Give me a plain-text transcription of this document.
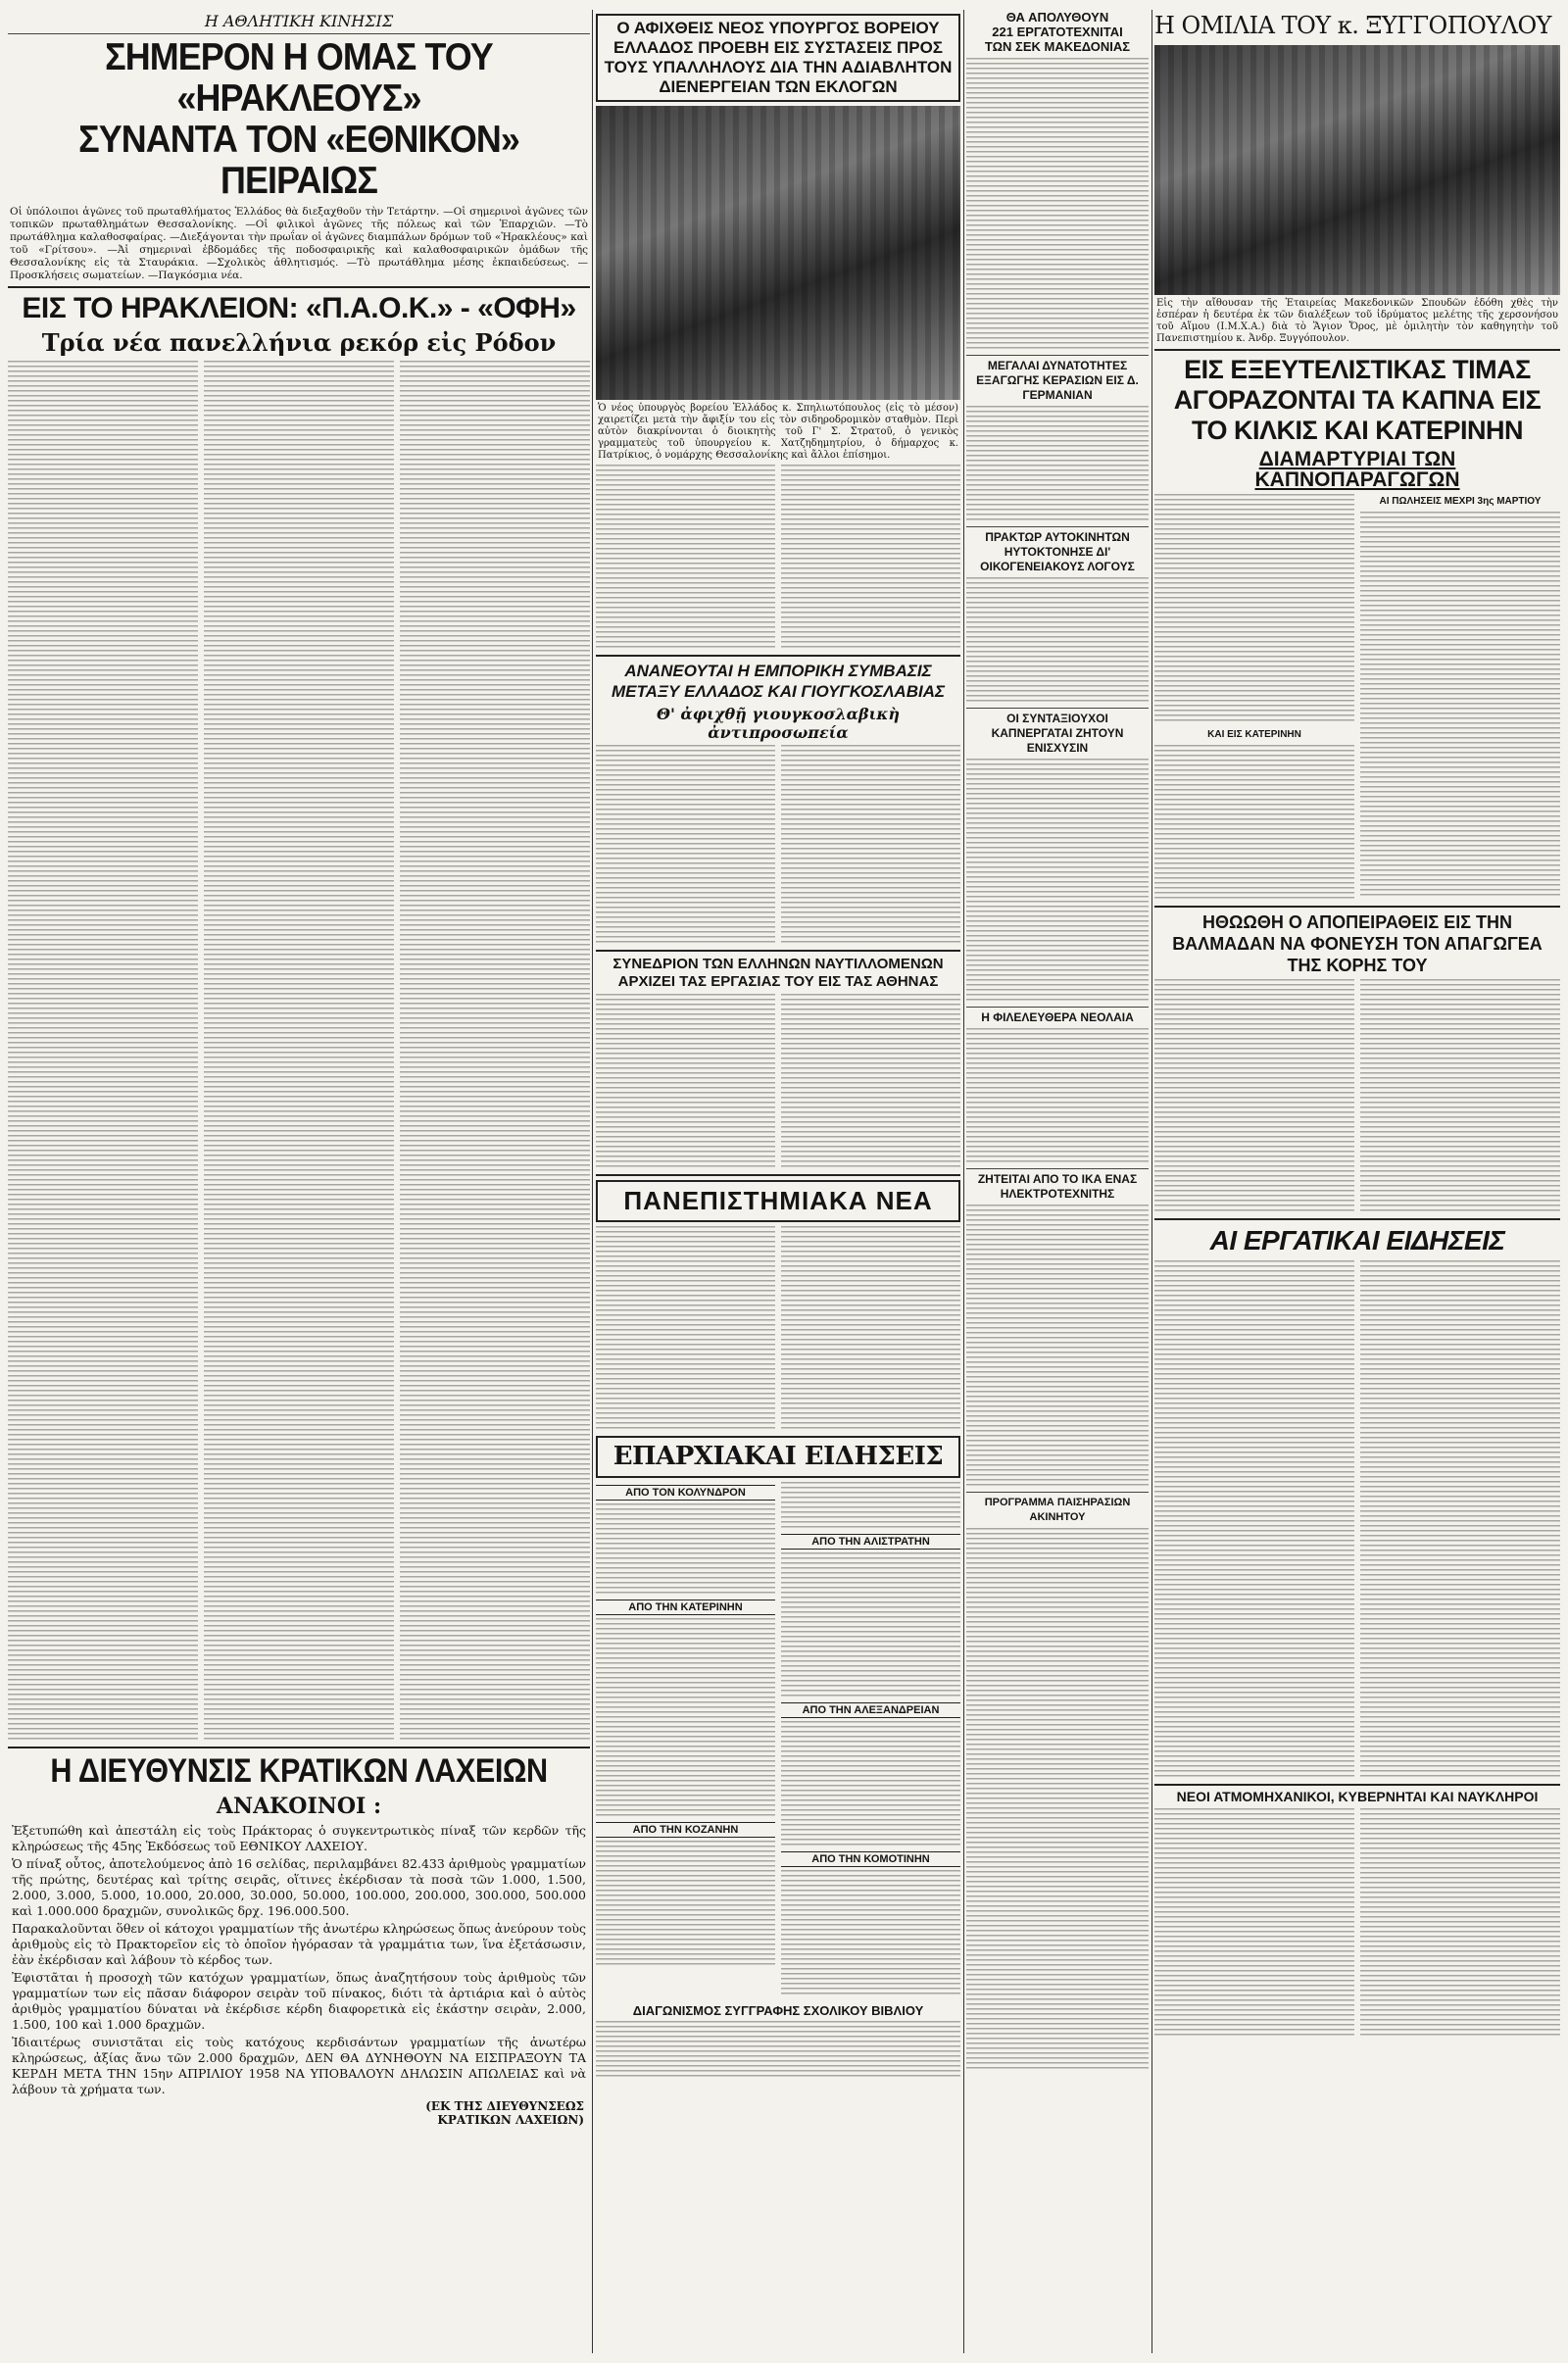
Η ΑΘΛΗΤΙΚΗ ΚΙΝΗΣΙΣ
ΣΗΜΕΡΟΝ Η ΟΜΑΣ ΤΟΥ «ΗΡΑΚΛΕΟΥΣ»
ΣΥΝΑΝΤΑ ΤΟΝ «ΕΘΝΙΚΟΝ» ΠΕΙΡΑΙΩΣ
Οἱ ὑπόλοιποι ἀγῶνες τοῦ πρωταθλήματος Ἑλλάδος θὰ διεξαχθοῦν τὴν Τετάρτην. —Οἱ σημερινοὶ ἀγῶνες τῶν τοπικῶν πρωταθλημάτων Θεσσαλονίκης. —Οἱ φιλικοὶ ἀγῶνες τῆς πόλεως καὶ τῶν Ἐπαρχιῶν. —Τὸ πρωτάθλημα καλαθοσφαίρας. —Διεξάγονται τὴν πρωΐαν οἱ ἀγῶνες διαμπάλων δρόμων τοῦ «Ἡρακλέους» καὶ τοῦ «Γρίτσου». —Ἀἱ σημεριναὶ ἐβδομάδες τῆς ποδοσφαιρικῆς καὶ καλαθοσφαιρικῶν ὁμάδων τῆς Θεσσαλονίκης εἰς τὰ Σταυράκια. —Σχολικὸς ἀθλητισμός. —Τὸ πρωτάθλημα μέσης ἐκπαιδεύσεως. —Προσκλήσεις σωματείων. —Παγκόσμια νέα.
ΕΙΣ ΤΟ ΗΡΑΚΛΕΙΟΝ: «Π.Α.Ο.Κ.» - «ΟΦΗ»
Τρία νέα πανελλήνια ρεκόρ εἰς Ρόδον
Η ΔΙΕΥΘΥΝΣΙΣ ΚΡΑΤΙΚΩΝ ΛΑΧΕΙΩΝ
ΑΝΑΚΟΙΝΟΙ :

Ἐξετυπώθη καὶ ἀπεστάλη εἰς τοὺς Πράκτορας ὁ συγκεντρωτικὸς πίναξ τῶν κερδῶν τῆς κληρώσεως τῆς 45ης Ἐκδόσεως τοῦ ΕΘΝΙΚΟΥ ΛΑΧΕΙΟΥ.

Ὁ πίναξ οὗτος, ἀποτελούμενος ἀπὸ 16 σελίδας, περιλαμβάνει 82.433 ἀριθμοὺς γραμματίων τῆς πρώτης, δευτέρας καὶ τρίτης σειρᾶς, οἵτινες ἐκέρδισαν τὰ ποσὰ τῶν 1.000, 1.500, 2.000, 3.000, 5.000, 10.000, 20.000, 30.000, 50.000, 100.000, 200.000, 300.000, 500.000 καὶ 1.000.000 δραχμῶν, συνολικῶς δρχ. 196.000.500.

Παρακαλοῦνται ὅθεν οἱ κάτοχοι γραμματίων τῆς ἀνωτέρω κληρώσεως ὅπως ἀνεύρουν τοὺς ἀριθμοὺς εἰς τὸ Πρακτορεῖον εἰς τὸ ὁποῖον ἠγόρασαν τὰ γραμμάτια των, ἵνα ἐξετάσωσιν, ἐὰν ἐκέρδισαν καὶ λάβουν τὸ κέρδος των.

Ἐφιστᾶται ἡ προσοχὴ τῶν κατόχων γραμματίων, ὅπως ἀναζητήσουν τοὺς ἀριθμοὺς τῶν γραμματίων των εἰς πᾶσαν διάφορον σειρὰν τοῦ πίνακος, διότι τὰ ἀρτιάρια καὶ ὁ αὐτὸς ἀριθμὸς γραμματίου δύναται νὰ ἐκέρδισε κέρδη διαφορετικὰ εἰς ἑκάστην σειρὰν, 2.000, 1.500, 100 καὶ 1.000 δραχμῶν.

Ἰδιαιτέρως συνιστᾶται εἰς τοὺς κατόχους κερδισάντων γραμματίων τῆς ἀνωτέρω κληρώσεως, ἀξίας ἄνω τῶν 2.000 δραχμῶν, ΔΕΝ ΘΑ ΔΥΝΗΘΟΥΝ ΝΑ ΕΙΣΠΡΑΞΟΥΝ ΤΑ ΚΕΡΔΗ ΜΕΤΑ ΤΗΝ 15ην ΑΠΡΙΛΙΟΥ 1958 ΝΑ ΥΠΟΒΑΛΟΥΝ ΔΗΛΩΣΙΝ ΑΠΩΛΕΙΑΣ καὶ νὰ λάβουν τὰ χρήματα των.

(ΕΚ ΤΗΣ ΔΙΕΥΘΥΝΣΕΩΣ
ΚΡΑΤΙΚΩΝ ΛΑΧΕΙΩΝ)
Ο ΑΦΙΧΘΕΙΣ ΝΕΟΣ ΥΠΟΥΡΓΟΣ ΒΟΡΕΙΟΥ ΕΛΛΑΔΟΣ ΠΡΟΕΒΗ ΕΙΣ ΣΥΣΤΑΣΕΙΣ ΠΡΟΣ ΤΟΥΣ ΥΠΑΛΛΗΛΟΥΣ ΔΙΑ ΤΗΝ ΑΔΙΑΒΛΗΤΟΝ ΔΙΕΝΕΡΓΕΙΑΝ ΤΩΝ ΕΚΛΟΓΩΝ
Ὁ νέος ὑπουργὸς βορείου Ἑλλάδος κ. Σπηλιωτόπουλος (εἰς τὸ μέσον) χαιρετίζει μετὰ τὴν ἄφιξίν του εἰς τὸν σιδηροδρομικὸν σταθμὸν. Περὶ αὐτὸν διακρίνονται ὁ διοικητὴς τοῦ Γ' Σ. Στρατοῦ, ὁ γενικὸς γραμματεὺς τοῦ ὑπουργείου κ. Χατζηδημητρίου, ὁ δήμαρχος κ. Πατρίκιος, ὁ νομάρχης Θεσσαλονίκης καὶ ἄλλοι ἐπίσημοι.
ΑΝΑΝΕΟΥΤΑΙ Η ΕΜΠΟΡΙΚΗ ΣΥΜΒΑΣΙΣ ΜΕΤΑΞΥ ΕΛΛΑΔΟΣ ΚΑΙ ΓΙΟΥΓΚΟΣΛΑΒΙΑΣ
Θ' ἀφιχθῇ γιουγκοσλαβικὴ ἀντιπροσωπεία
ΣΥΝΕΔΡΙΟΝ ΤΩΝ ΕΛΛΗΝΩΝ ΝΑΥΤΙΛΛΟΜΕΝΩΝ ΑΡΧΙΖΕΙ ΤΑΣ ΕΡΓΑΣΙΑΣ ΤΟΥ ΕΙΣ ΤΑΣ ΑΘΗΝΑΣ
ΠΑΝΕΠΙΣΤΗΜΙΑΚΑ ΝΕΑ
ΕΠΑΡΧΙΑΚΑΙ ΕΙΔΗΣΕΙΣ
ΑΠΟ ΤΟΝ ΚΟΛΥΝΔΡΟΝ
ΑΠΟ ΤΗΝ ΚΑΤΕΡΙΝΗΝ
ΑΠΟ ΤΗΝ ΚΟΖΑΝΗΝ
ΑΠΟ ΤΗΝ ΑΛΙΣΤΡΑΤΗΝ
ΑΠΟ ΤΗΝ ΑΛΕΞΑΝΔΡΕΙΑΝ
ΑΠΟ ΤΗΝ ΚΟΜΟΤΙΝΗΝ
ΔΙΑΓΩΝΙΣΜΟΣ ΣΥΓΓΡΑΦΗΣ ΣΧΟΛΙΚΟΥ ΒΙΒΛΙΟΥ
ΘΑ ΑΠΟΛΥΘΟΥΝ
221 ΕΡΓΑΤΟΤΕΧΝΙΤΑΙ
ΤΩΝ ΣΕΚ ΜΑΚΕΔΟΝΙΑΣ
ΜΕΓΑΛΑΙ ΔΥΝΑΤΟΤΗΤΕΣ ΕΞΑΓΩΓΗΣ ΚΕΡΑΣΙΩΝ ΕΙΣ Δ. ΓΕΡΜΑΝΙΑΝ
ΠΡΑΚΤΩΡ ΑΥΤΟΚΙΝΗΤΩΝ ΗΥΤΟΚΤΟΝΗΣΕ ΔΙ' ΟΙΚΟΓΕΝΕΙΑΚΟΥΣ ΛΟΓΟΥΣ
ΟΙ ΣΥΝΤΑΞΙΟΥΧΟΙ ΚΑΠΝΕΡΓΑΤΑΙ ΖΗΤΟΥΝ ΕΝΙΣΧΥΣΙΝ
Η ΦΙΛΕΛΕΥΘΕΡΑ ΝΕΟΛΑΙΑ
ΖΗΤΕΙΤΑΙ ΑΠΟ ΤΟ ΙΚΑ ΕΝΑΣ ΗΛΕΚΤΡΟΤΕΧΝΙΤΗΣ
ΠΡΟΓΡΑΜΜΑ ΠΑΙΣΗΡΑΣΙΩΝ ΑΚΙΝΗΤΟΥ
Η ΟΜΙΛΙΑ ΤΟΥ κ. ΞΥΓΓΟΠΟΥΛΟΥ
Εἰς τὴν αἴθουσαν τῆς Ἑταιρείας Μακεδονικῶν Σπουδῶν ἐδόθη χθὲς τὴν ἑσπέραν ἡ δευτέρα ἐκ τῶν διαλέξεων τοῦ ἰδρύματος μελέτης τῆς χερσονήσου τοῦ Αἵμου (Ι.Μ.Χ.Α.) διὰ τὸ Ἅγιον Ὄρος, μὲ ὁμιλητὴν τὸν καθηγητὴν τοῦ Πανεπιστημίου κ. Ἀνδρ. Ξυγγόπουλον.
ΕΙΣ ΕΞΕΥΤΕΛΙΣΤΙΚΑΣ ΤΙΜΑΣ ΑΓΟΡΑΖΟΝΤΑΙ ΤΑ ΚΑΠΝΑ ΕΙΣ ΤΟ ΚΙΛΚΙΣ ΚΑΙ ΚΑΤΕΡΙΝΗΝ
ΔΙΑΜΑΡΤΥΡΙΑΙ ΤΩΝ ΚΑΠΝΟΠΑΡΑΓΩΓΩΝ
ΚΑΙ ΕΙΣ ΚΑΤΕΡΙΝΗΝ
ΑΙ ΠΩΛΗΣΕΙΣ ΜΕΧΡΙ 3ης ΜΑΡΤΙΟΥ
ΗΘΩΩΘΗ Ο ΑΠΟΠΕΙΡΑΘΕΙΣ ΕΙΣ ΤΗΝ ΒΑΛΜΑΔΑΝ ΝΑ ΦΟΝΕΥΣΗ ΤΟΝ ΑΠΑΓΩΓΕΑ ΤΗΣ ΚΟΡΗΣ ΤΟΥ
ΑΙ ΕΡΓΑΤΙΚΑΙ ΕΙΔΗΣΕΙΣ
ΝΕΟΙ ΑΤΜΟΜΗΧΑΝΙΚΟΙ, ΚΥΒΕΡΝΗΤΑΙ ΚΑΙ ΝΑΥΚΛΗΡΟΙ
